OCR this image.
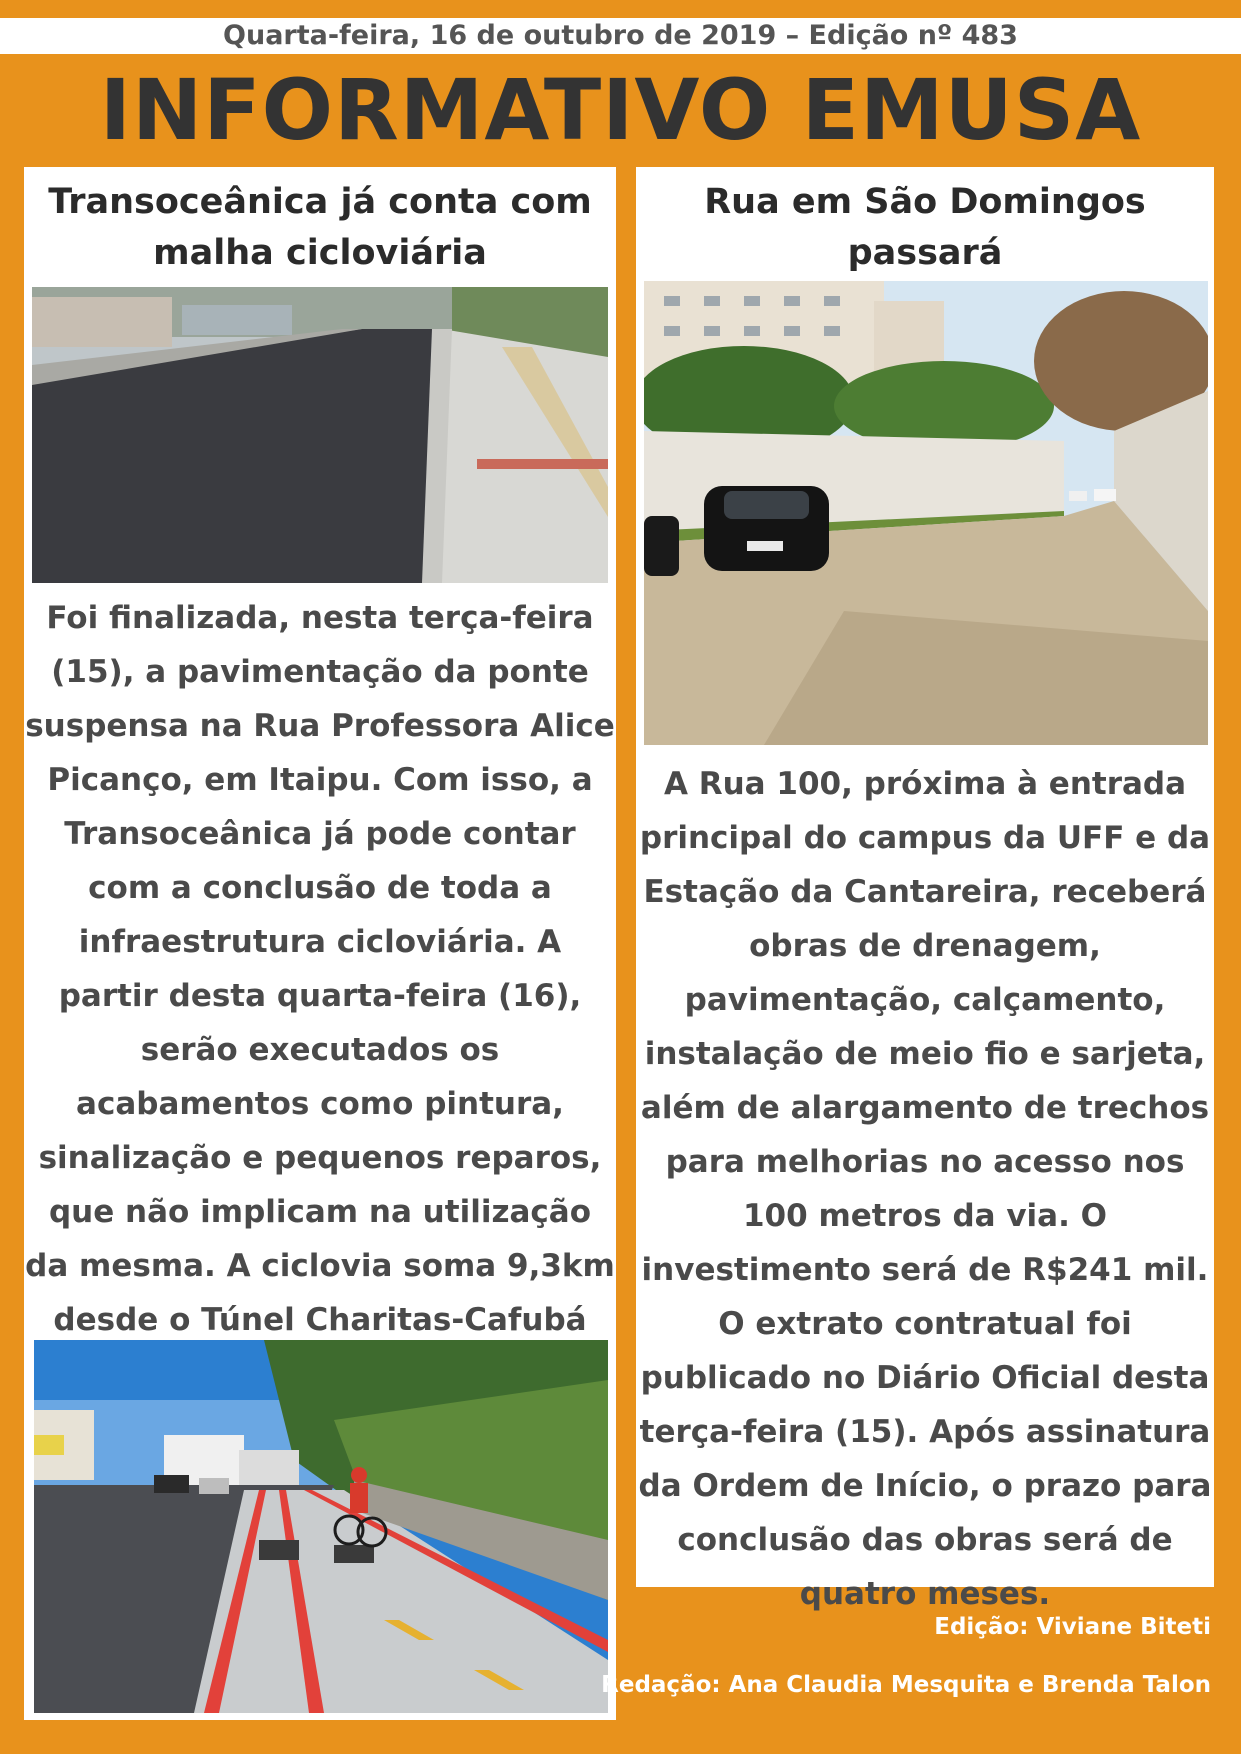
Quarta-feira, 16 de outubro de 2019 – Edição nº 483
INFORMATIVO EMUSA
Transoceânica já conta com
malha cicloviária
Foi finalizada, nesta terça-feira (15), a pavimentação da ponte suspensa na Rua Professora Alice Picanço, em Itaipu. Com isso, a Transoceânica já pode contar com a conclusão de toda a infraestrutura cicloviária. A partir desta quarta-feira (16), serão executados os acabamentos como pintura, sinalização e pequenos reparos, que não implicam na utilização da mesma. A ciclovia soma 9,3km desde o Túnel Charitas-Cafubá
Rua em São Domingos passará
A Rua 100, próxima à entrada principal do campus da UFF e da Estação da Cantareira, receberá obras de drenagem, pavimentação, calçamento, instalação de meio fio e sarjeta, além de alargamento de trechos para melhorias no acesso nos 100 metros da via. O investimento será de R$241 mil. O extrato contratual foi publicado no Diário Oficial desta terça-feira (15). Após assinatura da Ordem de Início, o prazo para conclusão das obras será de quatro meses.
Edição: Viviane Biteti
Redação: Ana Claudia Mesquita e Brenda Talon
